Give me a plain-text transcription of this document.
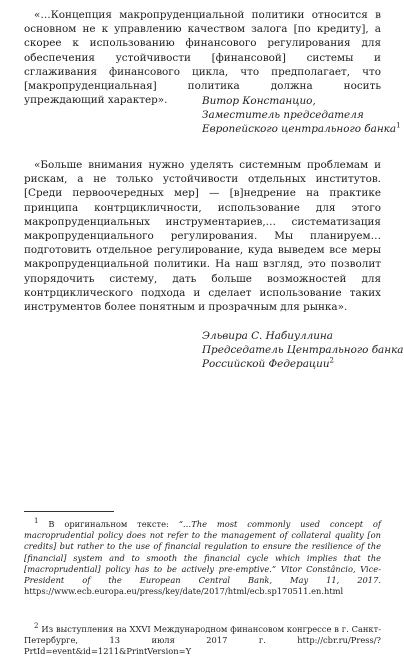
«…Концепция макропруденциальной политики относится в основном не к управлению качеством залога [по кредиту], а скорее к использованию финансового регулирования для обеспечения устойчивости [финансовой] системы и сглаживания финансового цикла, что предполагает, что [макропруденциальная] политика должна носить упреждающий характер».	Витор Констанцио,
Заместитель председателя
Европейского центрального банка$^1$

«Больше внимания нужно уделять системным проблемам и рискам, а не только устойчивости отдельных институтов. [Среди первоочередных мер] — [в]недрение на практике принципа контрцикличности, использование для этого макропруденциальных инструментариев,… систематизация макропруденциального регулирования. Мы планируем… подготовить отдельное регулирование, куда выведем все меры макропруденциальной политики. На наш взгляд, это позволит упорядочить систему, дать больше возможностей для контрциклического подхода и сделает использование таких инструментов более понятным и прозрачным для рынка».

Эльвира С. Набиуллина
Председатель Центрального банка
Российской Федерации$^2$

$^1$ В оригинальном тексте: “…The most commonly used concept of macroprudential policy does not refer to the management of collateral quality [on credits] but rather to the use of financial regulation to ensure the resilience of the [financial] system and to smooth the financial cycle which implies that the [macroprudential] policy has to be actively pre-emptive.” Vitor Constâncio, Vice-President of the European Central Bank, May 11, 2017. https://www.ecb.europa.eu/press/key/date/2017/html/ecb.sp170511.en.html

$^2$ Из выступления на XXVI Международном финансовом конгрессе в г. Санкт-Петербурге, 13 июля 2017 г. http://cbr.ru/Press/?PrtId=event&id=1211&PrintVersion=Y
